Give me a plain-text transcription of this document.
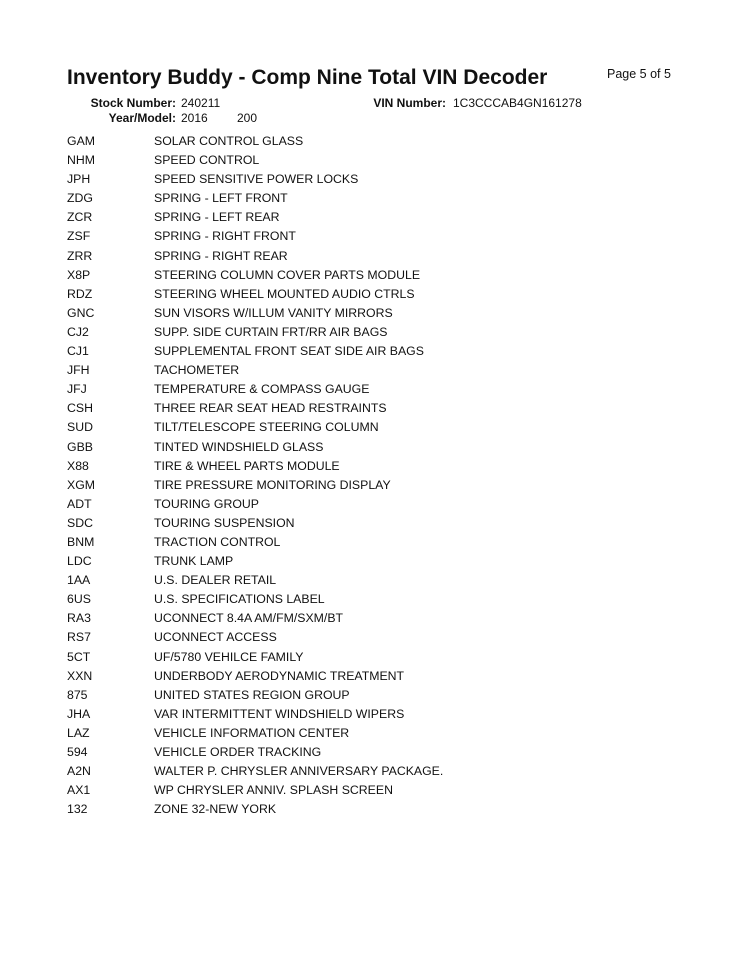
Inventory Buddy - Comp Nine Total VIN Decoder	Page 5 of 5
Stock Number: 240211	VIN Number: 1C3CCCAB4GN161278
Year/Model: 2016 200
GAM	SOLAR CONTROL GLASS
NHM	SPEED CONTROL
JPH	SPEED SENSITIVE POWER LOCKS
ZDG	SPRING - LEFT FRONT
ZCR	SPRING - LEFT REAR
ZSF	SPRING - RIGHT FRONT
ZRR	SPRING - RIGHT REAR
X8P	STEERING COLUMN COVER PARTS MODULE
RDZ	STEERING WHEEL MOUNTED AUDIO CTRLS
GNC	SUN VISORS W/ILLUM VANITY MIRRORS
CJ2	SUPP. SIDE CURTAIN FRT/RR AIR BAGS
CJ1	SUPPLEMENTAL FRONT SEAT SIDE AIR BAGS
JFH	TACHOMETER
JFJ	TEMPERATURE & COMPASS GAUGE
CSH	THREE REAR SEAT HEAD RESTRAINTS
SUD	TILT/TELESCOPE STEERING COLUMN
GBB	TINTED WINDSHIELD GLASS
X88	TIRE & WHEEL PARTS MODULE
XGM	TIRE PRESSURE MONITORING DISPLAY
ADT	TOURING GROUP
SDC	TOURING SUSPENSION
BNM	TRACTION CONTROL
LDC	TRUNK LAMP
1AA	U.S. DEALER RETAIL
6US	U.S. SPECIFICATIONS LABEL
RA3	UCONNECT 8.4A AM/FM/SXM/BT
RS7	UCONNECT ACCESS
5CT	UF/5780 VEHILCE FAMILY
XXN	UNDERBODY AERODYNAMIC TREATMENT
875	UNITED STATES REGION GROUP
JHA	VAR INTERMITTENT WINDSHIELD WIPERS
LAZ	VEHICLE INFORMATION CENTER
594	VEHICLE ORDER TRACKING
A2N	WALTER P. CHRYSLER ANNIVERSARY PACKAGE.
AX1	WP CHRYSLER ANNIV. SPLASH SCREEN
132	ZONE 32-NEW YORK
